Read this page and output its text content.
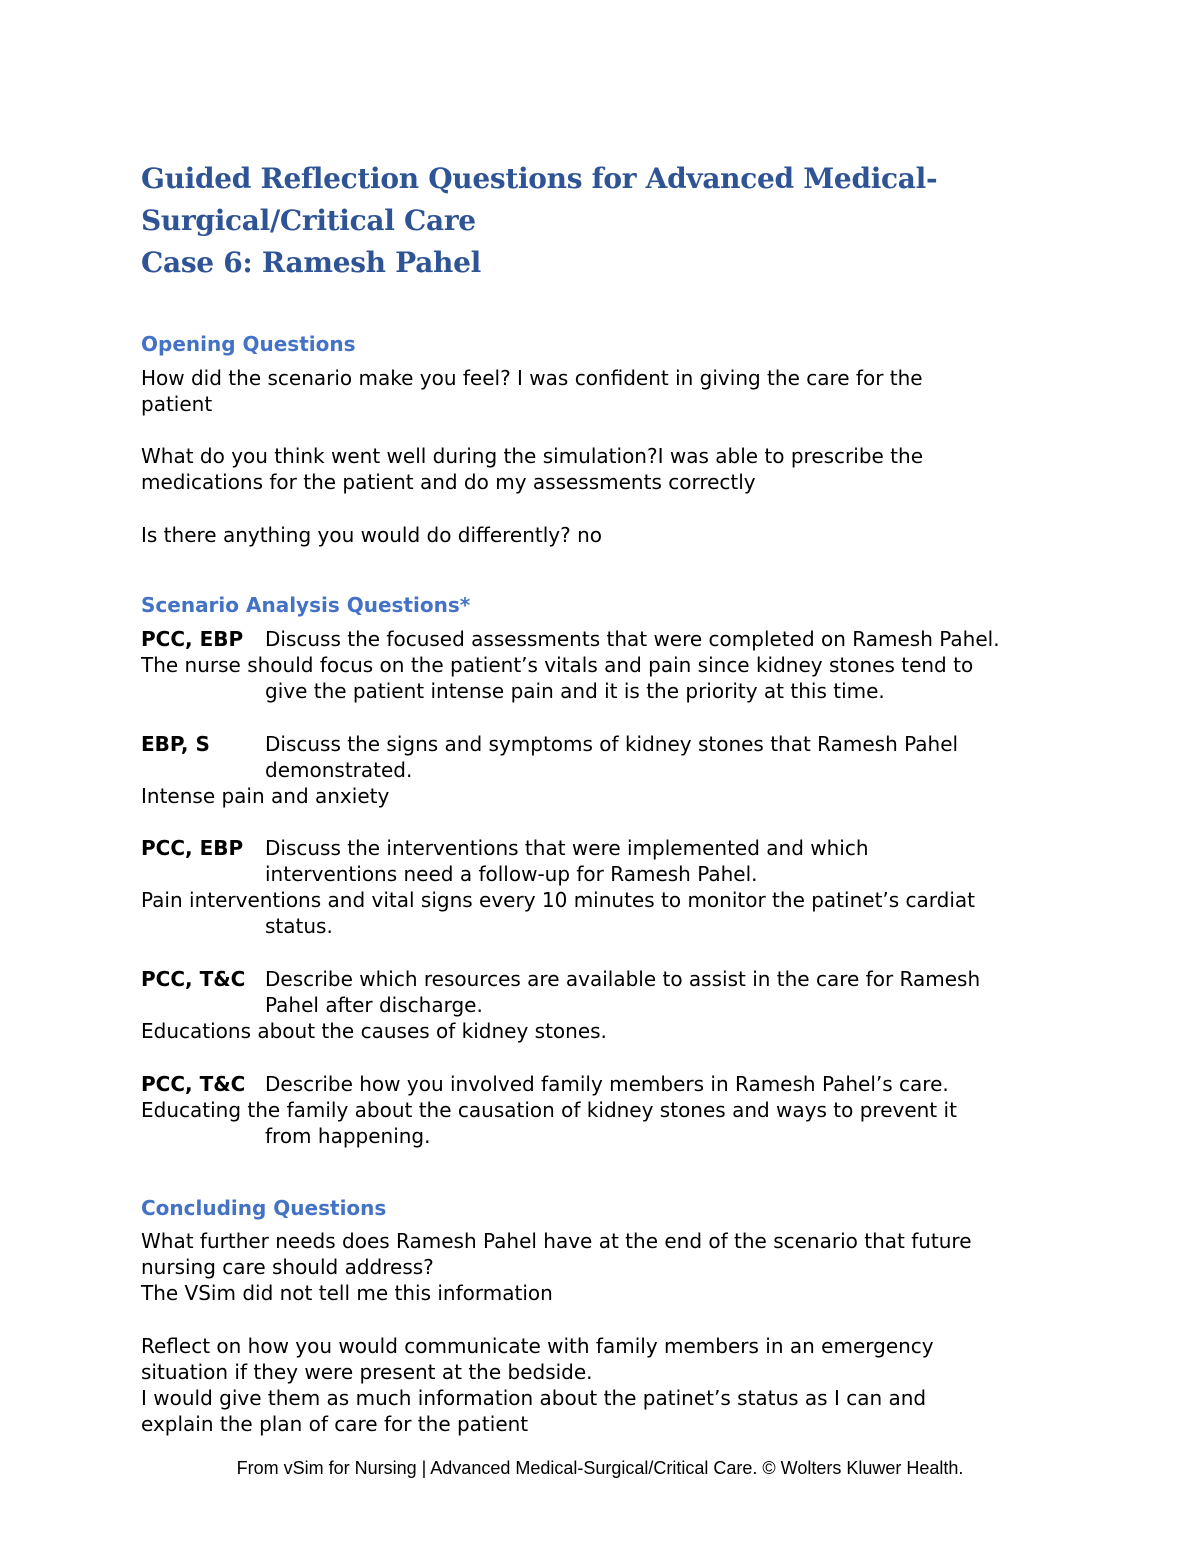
Guided Reflection Questions for Advanced Medical-
Surgical/Critical Care
Case 6: Ramesh Pahel
Opening Questions
How did the scenario make you feel? I was confident in giving the care for the
patient
What do you think went well during the simulation?I was able to prescribe the
medications for the patient and do my assessments correctly
Is there anything you would do differently? no
Scenario Analysis Questions*
PCC, EBP	Discuss the focused assessments that were completed on Ramesh Pahel.
The nurse should focus on the patient’s vitals and pain since kidney stones tend to
give the patient intense pain and it is the priority at this time.
EBP, S	Discuss the signs and symptoms of kidney stones that Ramesh Pahel
demonstrated.
Intense pain and anxiety
PCC, EBP	Discuss the interventions that were implemented and which
interventions need a follow-up for Ramesh Pahel.
Pain interventions and vital signs every 10 minutes to monitor the patinet’s cardiat
status.
PCC, T&C Describe which resources are available to assist in the care for Ramesh
Pahel after discharge.
Educations about the causes of kidney stones.
PCC, T&C Describe how you involved family members in Ramesh Pahel’s care.
Educating the family about the causation of kidney stones and ways to prevent it
from happening.
Concluding Questions
What further needs does Ramesh Pahel have at the end of the scenario that future
nursing care should address?
The VSim did not tell me this information
Reflect on how you would communicate with family members in an emergency
situation if they were present at the bedside.
I would give them as much information about the patinet’s status as I can and
explain the plan of care for the patient
From vSim for Nursing | Advanced Medical-Surgical/Critical Care. © Wolters Kluwer Health.
